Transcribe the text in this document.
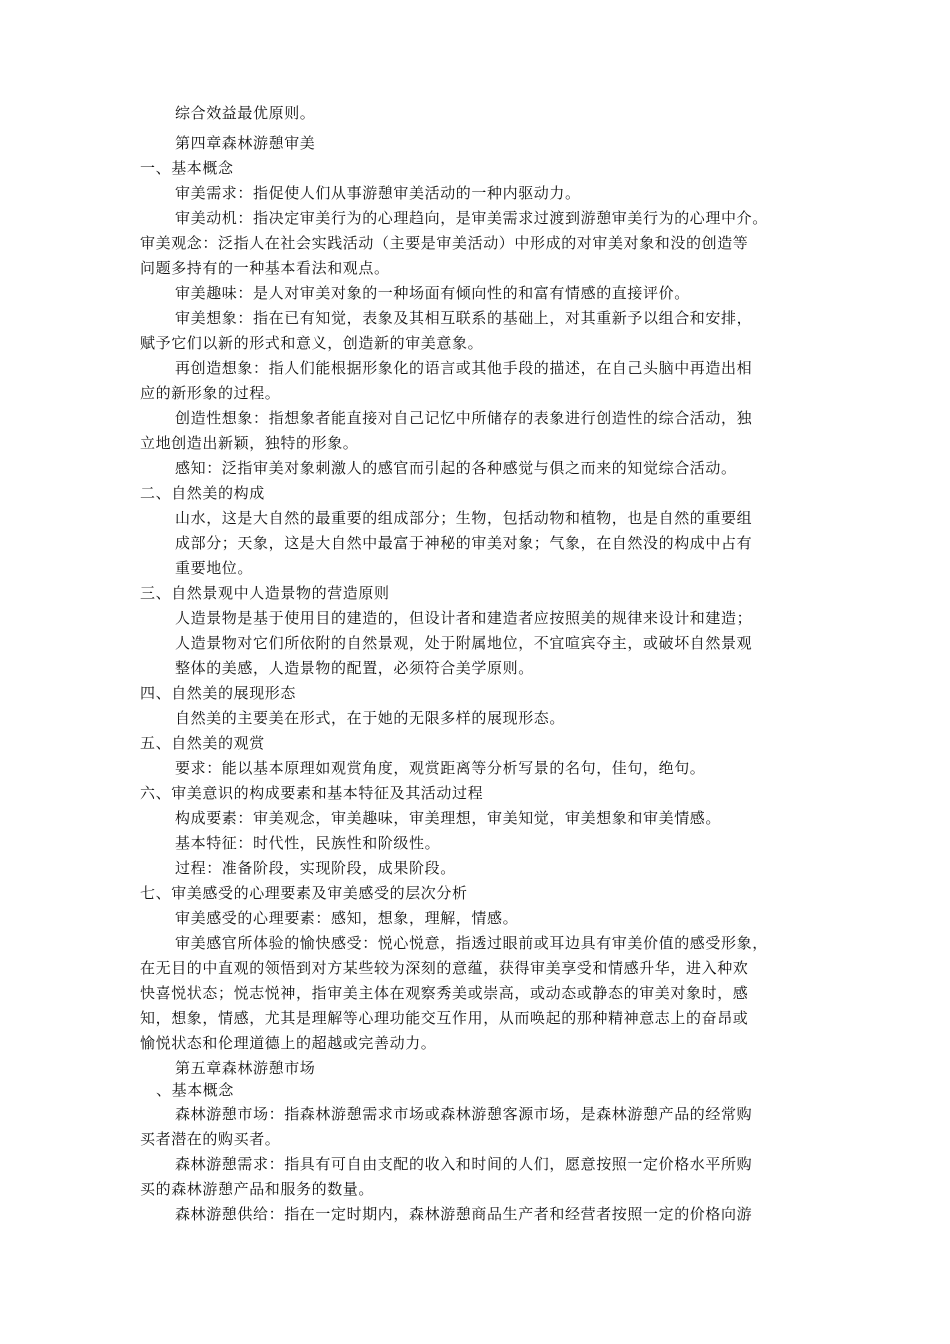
综合效益最优原则。
第四章森林游憩审美
一、基本概念
审美需求：指促使人们从事游憩审美活动的一种内驱动力。
审美动机：指决定审美行为的心理趋向，是审美需求过渡到游憩审美行为的心理中介。
审美观念：泛指人在社会实践活动（主要是审美活动）中形成的对审美对象和没的创造等
问题多持有的一种基本看法和观点。
审美趣味：是人对审美对象的一种场面有倾向性的和富有情感的直接评价。
审美想象：指在已有知觉，表象及其相互联系的基础上，对其重新予以组合和安排，
赋予它们以新的形式和意义，创造新的审美意象。
再创造想象：指人们能根据形象化的语言或其他手段的描述，在自己头脑中再造出相
应的新形象的过程。
创造性想象：指想象者能直接对自己记忆中所储存的表象进行创造性的综合活动，独
立地创造出新颖，独特的形象。
感知：泛指审美对象刺激人的感官而引起的各种感觉与俱之而来的知觉综合活动。
二、自然美的构成
山水，这是大自然的最重要的组成部分；生物，包括动物和植物，也是自然的重要组
成部分；天象，这是大自然中最富于神秘的审美对象；气象，在自然没的构成中占有
重要地位。
三、自然景观中人造景物的营造原则
人造景物是基于使用目的建造的，但设计者和建造者应按照美的规律来设计和建造；
人造景物对它们所依附的自然景观，处于附属地位，不宜喧宾夺主，或破坏自然景观
整体的美感，人造景物的配置，必须符合美学原则。
四、自然美的展现形态
自然美的主要美在形式，在于她的无限多样的展现形态。
五、自然美的观赏
要求：能以基本原理如观赏角度，观赏距离等分析写景的名句，佳句，绝句。
六、审美意识的构成要素和基本特征及其活动过程
构成要素：审美观念，审美趣味，审美理想，审美知觉，审美想象和审美情感。
基本特征：时代性，民族性和阶级性。
过程：准备阶段，实现阶段，成果阶段。
七、审美感受的心理要素及审美感受的层次分析
审美感受的心理要素：感知，想象，理解，情感。
审美感官所体验的愉快感受：悦心悦意，指透过眼前或耳边具有审美价值的感受形象，
在无目的中直观的领悟到对方某些较为深刻的意蕴，获得审美享受和情感升华，进入种欢
快喜悦状态；悦志悦神，指审美主体在观察秀美或崇高，或动态或静态的审美对象时，感
知，想象，情感，尤其是理解等心理功能交互作用，从而唤起的那种精神意志上的奋昂或
愉悦状态和伦理道德上的超越或完善动力。
第五章森林游憩市场
、基本概念
森林游憩市场：指森林游憩需求市场或森林游憩客源市场，是森林游憩产品的经常购
买者潜在的购买者。
森林游憩需求：指具有可自由支配的收入和时间的人们，愿意按照一定价格水平所购
买的森林游憩产品和服务的数量。
森林游憩供给：指在一定时期内，森林游憩商品生产者和经营者按照一定的价格向游
